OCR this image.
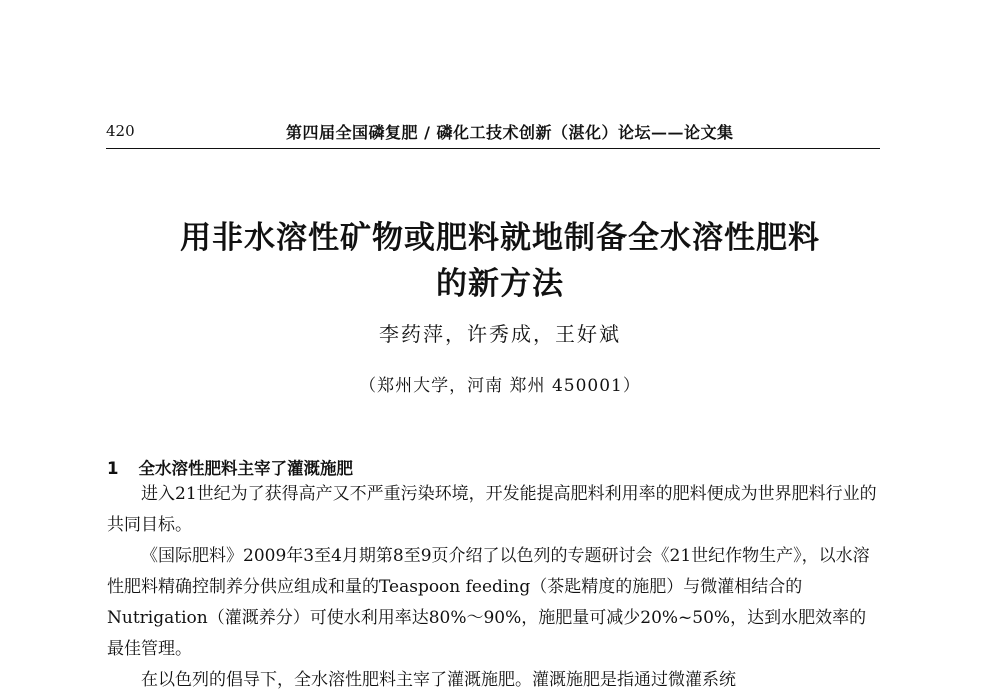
420	第四届全国磷复肥 / 磷化工技术创新（湛化）论坛——论文集
用非水溶性矿物或肥料就地制备全水溶性肥料
的新方法
李药萍，许秀成，王好斌
（郑州大学，河南 郑州 450001）
1 全水溶性肥料主宰了灌溉施肥

进入21世纪为了获得高产又不严重污染环境，开发能提高肥料利用率的肥料便成为世界肥料行业的共同目标。

《国际肥料》2009年3至4月期第8至9页介绍了以色列的专题研讨会《21世纪作物生产》，以水溶性肥料精确控制养分供应组成和量的Teaspoon feeding（茶匙精度的施肥）与微灌相结合的Nutrigation（灌溉养分）可使水利用率达80%～90%，施肥量可减少20%~50%，达到水肥效率的最佳管理。

在以色列的倡导下，全水溶性肥料主宰了灌溉施肥。灌溉施肥是指通过微灌系统
